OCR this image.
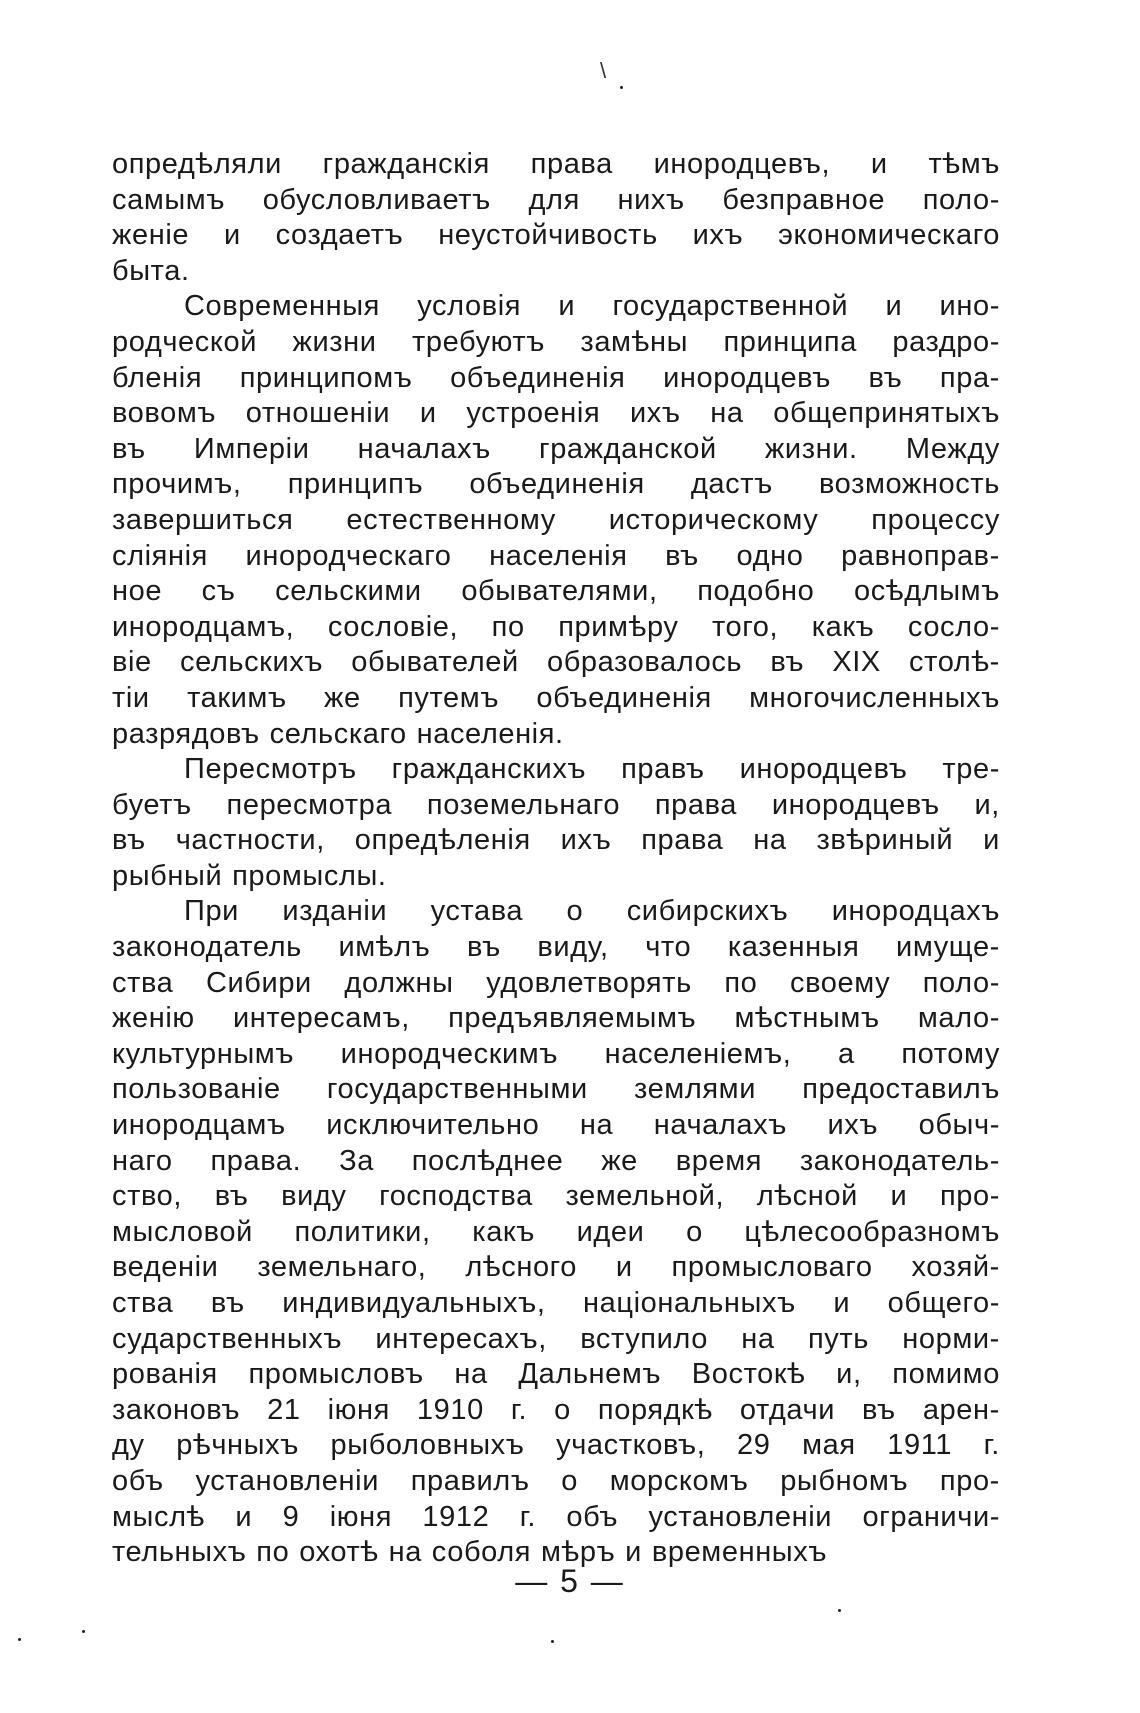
\
опредѣляли гражданскія права инородцевъ, и тѣмъ
самымъ обусловливаетъ для нихъ безправное поло-
женіе и создаетъ неустойчивость ихъ экономическаго
быта.
Современныя условія и государственной и ино-
родческой жизни требуютъ замѣны принципа раздро-
бленія принципомъ объединенія инородцевъ въ пра-
вовомъ отношеніи и устроенія ихъ на общепринятыхъ
въ Имперіи началахъ гражданской жизни. Между
прочимъ, принципъ объединенія дастъ возможность
завершиться естественному историческому процессу
сліянія инородческаго населенія въ одно равноправ-
ное съ сельскими обывателями, подобно осѣдлымъ
инородцамъ, сословіе, по примѣру того, какъ сосло-
віе сельскихъ обывателей образовалось въ XIX столѣ-
тіи такимъ же путемъ объединенія многочисленныхъ
разрядовъ сельскаго населенія.
Пересмотръ гражданскихъ правъ инородцевъ тре-
буетъ пересмотра поземельнаго права инородцевъ и,
въ частности, опредѣленія ихъ права на звѣриный и
рыбный промыслы.
При изданіи устава о сибирскихъ инородцахъ
законодатель имѣлъ въ виду, что казенныя имуще-
ства Сибири должны удовлетворять по своему поло-
женію интересамъ, предъявляемымъ мѣстнымъ мало-
культурнымъ инородческимъ населеніемъ, а потому
пользованіе государственными землями предоставилъ
инородцамъ исключительно на началахъ ихъ обыч-
наго права. За послѣднее же время законодатель-
ство, въ виду господства земельной, лѣсной и про-
мысловой политики, какъ идеи о цѣлесообразномъ
веденіи земельнаго, лѣсного и промысловаго хозяй-
ства въ индивидуальныхъ, національныхъ и общего-
сударственныхъ интересахъ, вступило на путь норми-
рованія промысловъ на Дальнемъ Востокѣ и, помимо
законовъ 21 іюня 1910 г. о порядкѣ отдачи въ арен-
ду рѣчныхъ рыболовныхъ участковъ, 29 мая 1911 г.
объ установленіи правилъ о морскомъ рыбномъ про-
мыслѣ и 9 іюня 1912 г. объ установленіи ограничи-
тельныхъ по охотѣ на соболя мѣръ и временныхъ
— 5 —
